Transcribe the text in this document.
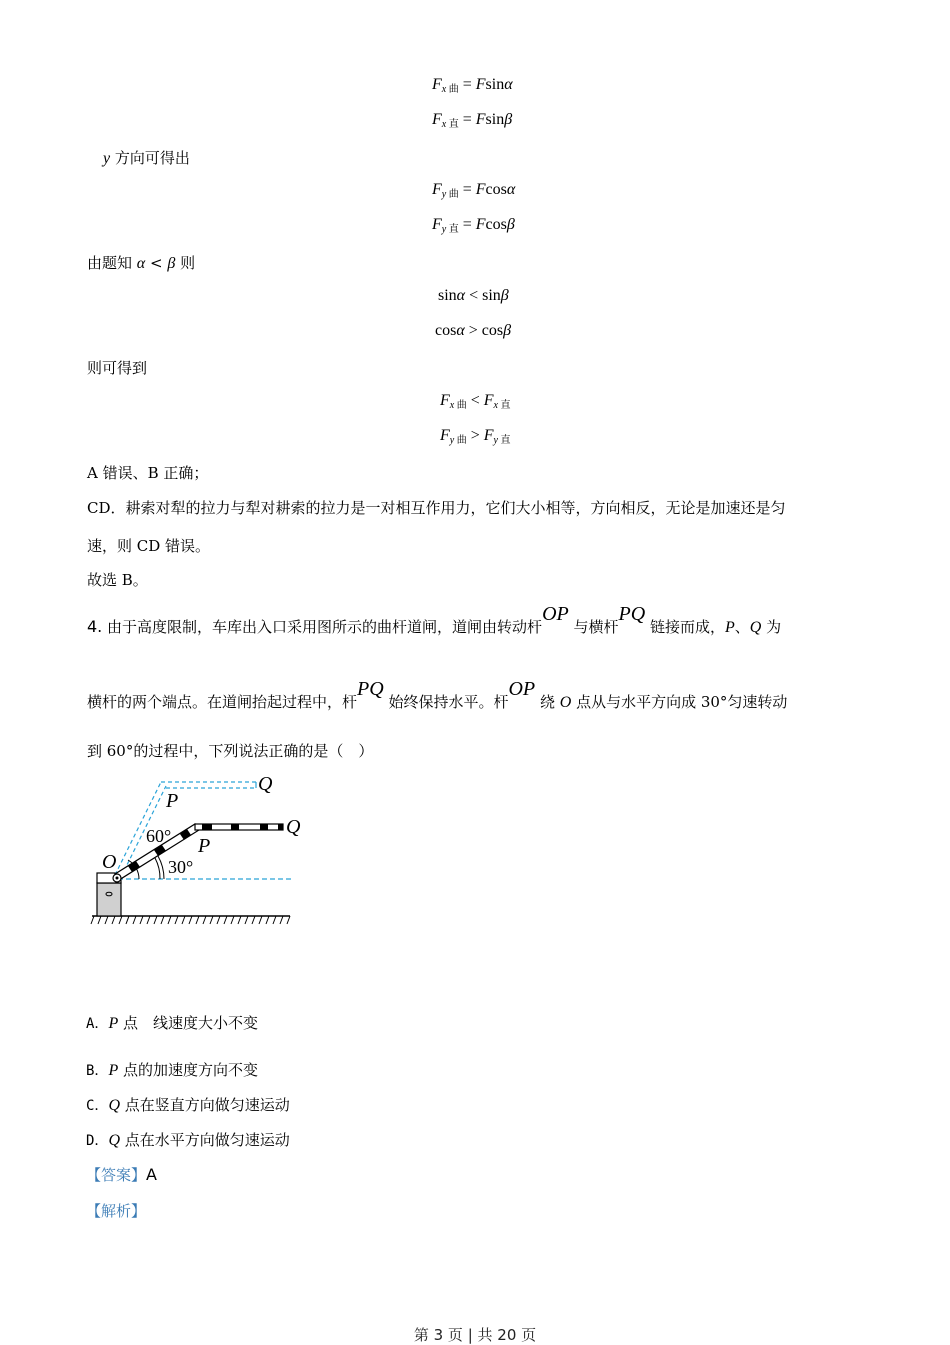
Fx 曲 = Fsinα
Fx 直 = Fsinβ
y 方向可得出
Fy 曲 = Fcosα
Fy 直 = Fcosβ
由题知 α < β 则
sinα < sinβ
cosα > cosβ
则可得到
Fx 曲 < Fx 直
Fy 曲 > Fy 直
A 错误、B 正确；
CD．耕索对犁的拉力与犁对耕索的拉力是一对相互作用力，它们大小相等，方向相反，无论是加速还是匀
速，则 CD 错误。
故选 B。
4. 由于高度限制，车库出入口采用图所示的曲杆道闸，道闸由转动杆OP 与横杆PQ 链接而成，P、Q 为
横杆的两个端点。在道闸抬起过程中，杆PQ 始终保持水平。杆OP 绕 O 点从与水平方向成 30°匀速转动
到 60°的过程中，下列说法正确的是（　）
O
P
Q
P
Q
60°
30°
A．P 点　线速度大小不变
B．P 点的加速度方向不变
C．Q 点在竖直方向做匀速运动
D．Q 点在水平方向做匀速运动
【答案】A
【解析】
第 3 页 | 共 20 页
